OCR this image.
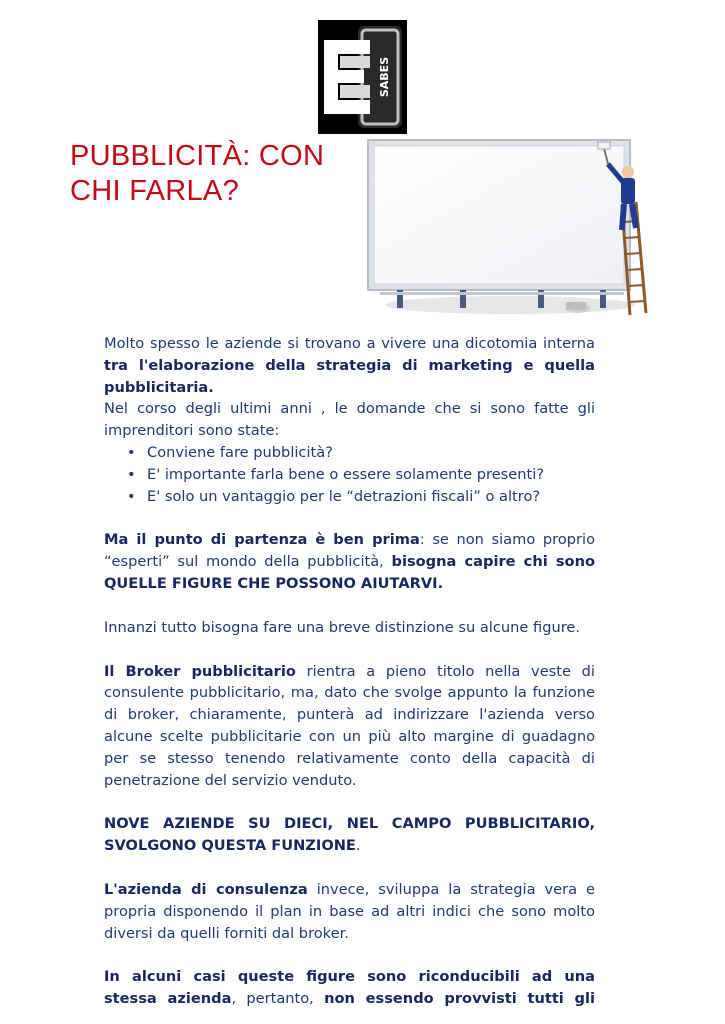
SABES
PUBBLICITÀ: CON
CHI FARLA?

Molto spesso le aziende si trovano a vivere una dicotomia interna tra l'elaborazione della strategia di marketing e quella pubblicitaria.

Nel corso degli ultimi anni , le domande che si sono fatte gli imprenditori sono state:

• Conviene fare pubblicità?
• E' importante farla bene o essere solamente presenti?
• E' solo un vantaggio per le “detrazioni fiscali” o altro?

Ma il punto di partenza è ben prima: se non siamo proprio “esperti” sul mondo della pubblicità, bisogna capire chi sono QUELLE FIGURE CHE POSSONO AIUTARVI.

Innanzi tutto bisogna fare una breve distinzione su alcune figure.

Il Broker pubblicitario rientra a pieno titolo nella veste di consulente pubblicitario, ma, dato che svolge appunto la funzione di broker, chiaramente, punterà ad indirizzare l'azienda verso alcune scelte pubblicitarie con un più alto margine di guadagno per se stesso tenendo relativamente conto della capacità di penetrazione del servizio venduto.

NOVE AZIENDE SU DIECI, NEL CAMPO PUBBLICITARIO, SVOLGONO QUESTA FUNZIONE.

L'azienda di consulenza invece, sviluppa la strategia vera e propria disponendo il plan in base ad altri indici che sono molto diversi da quelli forniti dal broker.

In alcuni casi queste figure sono riconducibili ad una stessa azienda, pertanto, non essendo provvisti tutti gli
